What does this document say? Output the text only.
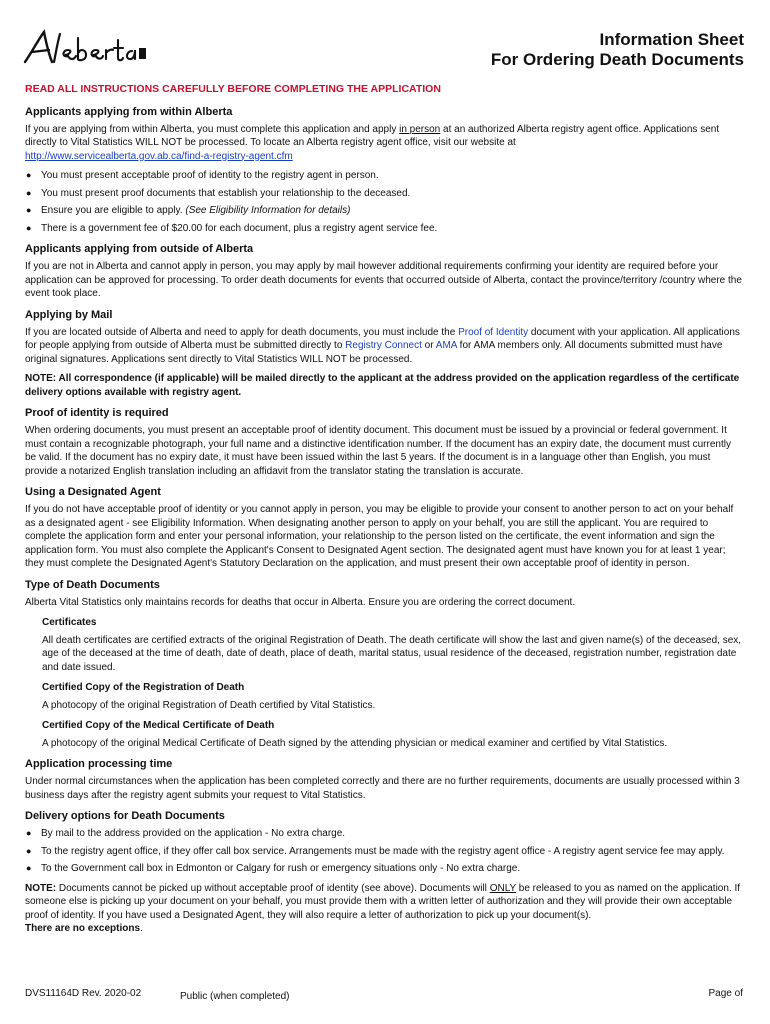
Information Sheet
For Ordering Death Documents
READ ALL INSTRUCTIONS CAREFULLY BEFORE COMPLETING THE APPLICATION
Applicants applying from within Alberta

If you are applying from within Alberta, you must complete this application and apply in person at an authorized Alberta registry agent office. Applications sent directly to Vital Statistics WILL NOT be processed. To locate an Alberta registry agent office, visit our website at
http://www.servicealberta.gov.ab.ca/find-a-registry-agent.cfm

● You must present acceptable proof of identity to the registry agent in person.
● You must present proof documents that establish your relationship to the deceased.
● Ensure you are eligible to apply. (See Eligibility Information for details)
● There is a government fee of $20.00 for each document, plus a registry agent service fee.
Applicants applying from outside of Alberta

If you are not in Alberta and cannot apply in person, you may apply by mail however additional requirements confirming your identity are required before your application can be approved for processing. To order death documents for events that occurred outside of Alberta, contact the province/territory /country where the event took place.

Applying by Mail

If you are located outside of Alberta and need to apply for death documents, you must include the Proof of Identity document with your application. All applications for people applying from outside of Alberta must be submitted directly to Registry Connect or AMA for AMA members only. All documents submitted must have original signatures. Applications sent directly to Vital Statistics WILL NOT be processed.

NOTE: All correspondence (if applicable) will be mailed directly to the applicant at the address provided on the application regardless of the certificate delivery options available with registry agent.

Proof of identity is required

When ordering documents, you must present an acceptable proof of identity document. This document must be issued by a provincial or federal government. It must contain a recognizable photograph, your full name and a distinctive identification number. If the document has an expiry date, the document must currently be valid. If the document has no expiry date, it must have been issued within the last 5 years. If the document is in a language other than English, you must provide a notarized English translation including an affidavit from the translator stating the translation is accurate.

Using a Designated Agent

If you do not have acceptable proof of identity or you cannot apply in person, you may be eligible to provide your consent to another person to act on your behalf as a designated agent - see Eligibility Information. When designating another person to apply on your behalf, you are still the applicant. You are required to complete the application form and enter your personal information, your relationship to the person listed on the certificate, the event information and sign the application form. You must also complete the Applicant's Consent to Designated Agent section. The designated agent must have known you for at least 1 year; they must complete the Designated Agent's Statutory Declaration on the application, and must present their own acceptable proof of identity in person.

Type of Death Documents

Alberta Vital Statistics only maintains records for deaths that occur in Alberta. Ensure you are ordering the correct document.

Certificates

All death certificates are certified extracts of the original Registration of Death. The death certificate will show the last and given name(s) of the deceased, sex, age of the deceased at the time of death, date of death, place of death, marital status, usual residence of the deceased, registration number, registration date and date issued.

Certified Copy of the Registration of Death

A photocopy of the original Registration of Death certified by Vital Statistics.

Certified Copy of the Medical Certificate of Death

A photocopy of the original Medical Certificate of Death signed by the attending physician or medical examiner and certified by Vital Statistics.

Application processing time

Under normal circumstances when the application has been completed correctly and there are no further requirements, documents are usually processed within 3 business days after the registry agent submits your request to Vital Statistics.

Delivery options for Death Documents
● By mail to the address provided on the application - No extra charge.
● To the registry agent office, if they offer call box service. Arrangements must be made with the registry agent office - A registry agent service fee may apply.
● To the Government call box in Edmonton or Calgary for rush or emergency situations only - No extra charge.

NOTE: Documents cannot be picked up without acceptable proof of identity (see above). Documents will ONLY be released to you as named on the application. If someone else is picking up your document on your behalf, you must provide them with a written letter of authorization and they will provide their own acceptable proof of identity. If you have used a Designated Agent, they will also require a letter of authorization to pick up your document(s).
There are no exceptions.

DVS11164D Rev. 2020-02	Public (when completed)	Page of
